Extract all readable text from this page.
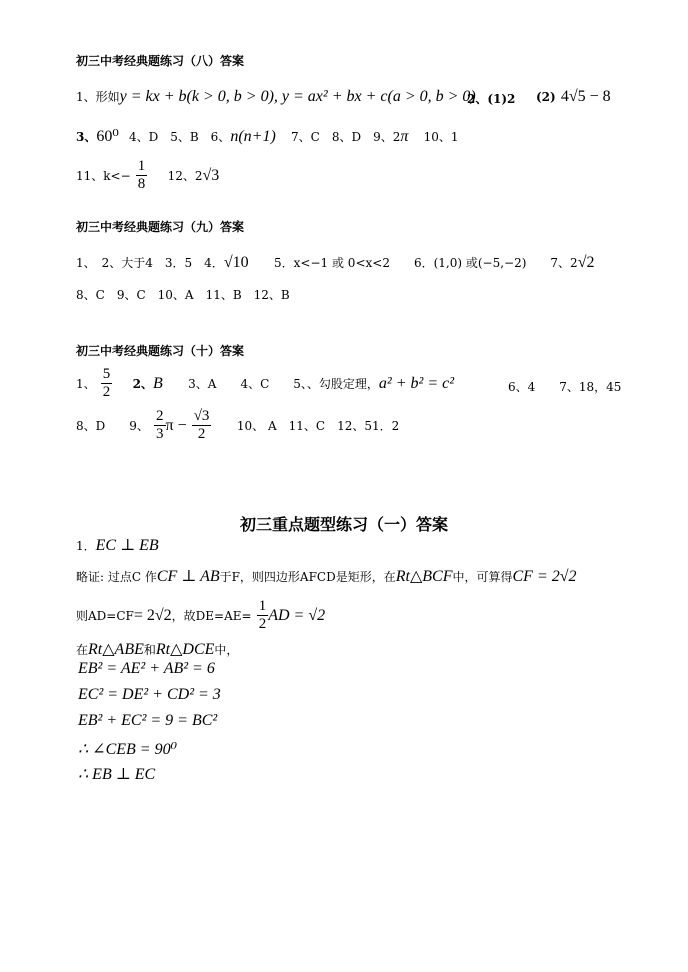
初三中考经典题练习（八）答案
1、形如y = kx + b(k > 0, b > 0), y = ax² + bx + c(a > 0, b > 0)
2、(1)2 (2) 4√5 − 8
3、60⁰ 4、D　5、B　6、n(n+1) 7、C　8、D　9、2π 10、1
11、$k<- \frac{1}{8} 12$、2√3
初三中考经典题练习（九）答案
1、　2、大于4　3．5　4．√10 5．x<−1 或 0<x<2　　6．(1,0) 或(−5,−2)　　7、2√2
8、C　9、C　10、A　11、B　12、B
初三中考经典题练习（十）答案
1、 $\frac{5}{2} 2$、B 3、A　　4、C　　5、、勾股定理，a² + b² = c²	6、4　　7、18，45
8、D　　9、 $\frac{2}{3}$ $\pi - \frac{√3}{2} 10$、 A　11、C　12、51．2
初三重点题型练习（一）答案
1．EC ⊥ EB
略证: 过点C 作CF ⊥ AB于F，则四边形AFCD是矩形，在Rt△BCF中，可算得CF = 2√2
则AD=CF= 2√2，故$DE=AE= \frac{1}{2}$ AD = √2
在Rt△ABE和Rt△DCE中，
EB² = AE² + AB² = 6
EC² = DE² + CD² = 3
EB² + EC² = 9 = BC²
∴ ∠CEB = 90⁰
∴ EB ⊥ EC
